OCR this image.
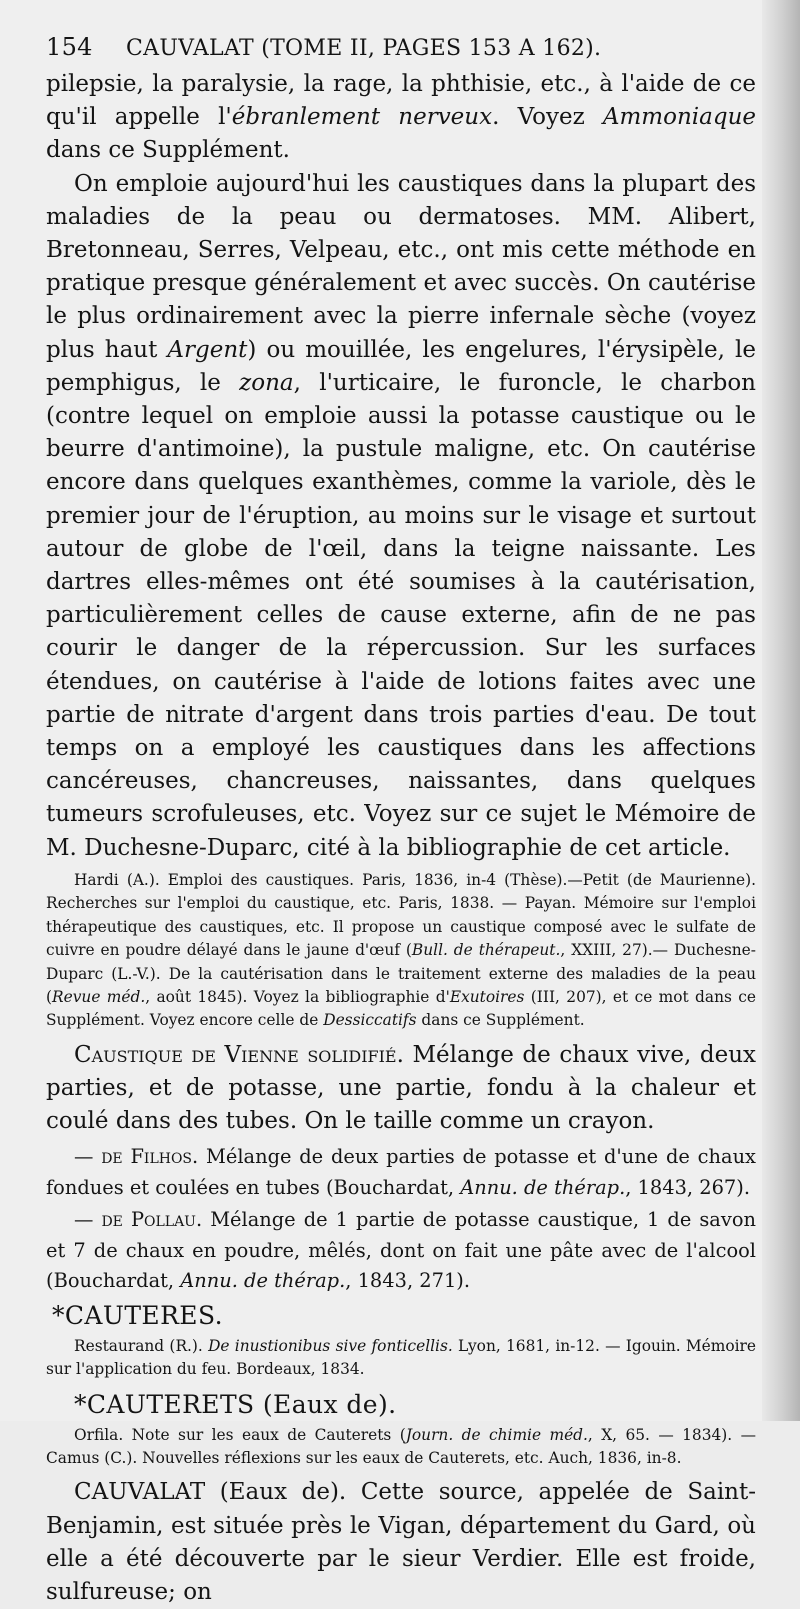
154	CAUVALAT (TOME II, PAGES 153 A 162).

pilepsie, la paralysie, la rage, la phthisie, etc., à l'aide de ce qu'il appelle l'ébranlement nerveux. Voyez Ammoniaque dans ce Supplément.

On emploie aujourd'hui les caustiques dans la plupart des maladies de la peau ou dermatoses. MM. Alibert, Bretonneau, Serres, Velpeau, etc., ont mis cette méthode en pratique presque généralement et avec succès. On cautérise le plus ordinairement avec la pierre infernale sèche (voyez plus haut Argent) ou mouillée, les engelures, l'érysipèle, le pemphigus, le zona, l'urticaire, le furoncle, le charbon (contre lequel on emploie aussi la potasse caustique ou le beurre d'antimoine), la pustule maligne, etc. On cautérise encore dans quelques exanthèmes, comme la variole, dès le premier jour de l'éruption, au moins sur le visage et surtout autour de globe de l'œil, dans la teigne naissante. Les dartres elles-mêmes ont été soumises à la cautérisation, particulièrement celles de cause externe, afin de ne pas courir le danger de la répercussion. Sur les surfaces étendues, on cautérise à l'aide de lotions faites avec une partie de nitrate d'argent dans trois parties d'eau. De tout temps on a employé les caustiques dans les affections cancéreuses, chancreuses, naissantes, dans quelques tumeurs scrofuleuses, etc. Voyez sur ce sujet le Mémoire de M. Duchesne-Duparc, cité à la bibliographie de cet article.

Hardi (A.). Emploi des caustiques. Paris, 1836, in-4 (Thèse).—Petit (de Maurienne). Recherches sur l'emploi du caustique, etc. Paris, 1838. — Payan. Mémoire sur l'emploi thérapeutique des caustiques, etc. Il propose un caustique composé avec le sulfate de cuivre en poudre délayé dans le jaune d'œuf (Bull. de thérapeut., XXIII, 27).— Duchesne-Duparc (L.-V.). De la cautérisation dans le traitement externe des maladies de la peau (Revue méd., août 1845). Voyez la bibliographie d'Exutoires (III, 207), et ce mot dans ce Supplément. Voyez encore celle de Dessiccatifs dans ce Supplément.

Caustique de Vienne solidifié. Mélange de chaux vive, deux parties, et de potasse, une partie, fondu à la chaleur et coulé dans des tubes. On le taille comme un crayon.

— de Filhos. Mélange de deux parties de potasse et d'une de chaux fondues et coulées en tubes (Bouchardat, Annu. de thérap., 1843, 267).

— de Pollau. Mélange de 1 partie de potasse caustique, 1 de savon et 7 de chaux en poudre, mêlés, dont on fait une pâte avec de l'alcool (Bouchardat, Annu. de thérap., 1843, 271).

*CAUTERES.

Restaurand (R.). De inustionibus sive fonticellis. Lyon, 1681, in-12. — Igouin. Mémoire sur l'application du feu. Bordeaux, 1834.

*CAUTERETS (Eaux de).

Orfila. Note sur les eaux de Cauterets (Journ. de chimie méd., X, 65. — 1834). — Camus (C.). Nouvelles réflexions sur les eaux de Cauterets, etc. Auch, 1836, in-8.

CAUVALAT (Eaux de). Cette source, appelée de Saint-Benjamin, est située près le Vigan, département du Gard, où elle a été découverte par le sieur Verdier. Elle est froide, sulfureuse; on
